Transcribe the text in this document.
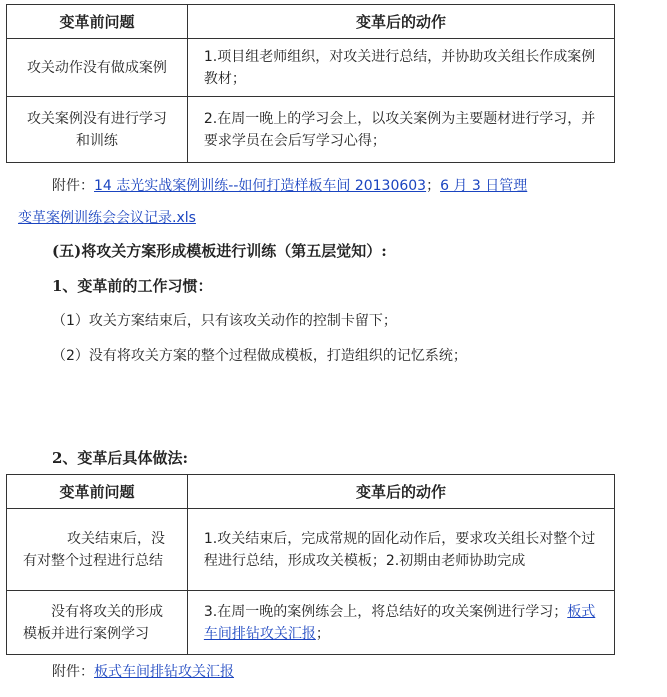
变革前问题	变革后的动作
攻关动作没有做成案例	1.项目组老师组织，对攻关进行总结，并协助攻关组长作成案例教材；
攻关案例没有进行学习和训练	2.在周一晚上的学习会上，以攻关案例为主要题材进行学习，并要求学员在会后写学习心得；
附件：14 志光实战案例训练--如何打造样板车间 20130603；6 月 3 日管理
变革案例训练会会议记录.xls
(五)将攻关方案形成模板进行训练（第五层觉知）:
1、变革前的工作习惯：
（1）攻关方案结束后，只有该攻关动作的控制卡留下；
（2）没有将攻关方案的整个过程做成模板，打造组织的记忆系统；
2、变革后具体做法:
变革前问题	变革后的动作
攻关结束后，没有对整个过程进行总结	1.攻关结束后，完成常规的固化动作后，要求攻关组长对整个过程进行总结，形成攻关模板；2.初期由老师协助完成
没有将攻关的形成模板并进行案例学习	3.在周一晚的案例练会上，将总结好的攻关案例进行学习；板式车间排钻攻关汇报；
附件：板式车间排钻攻关汇报
